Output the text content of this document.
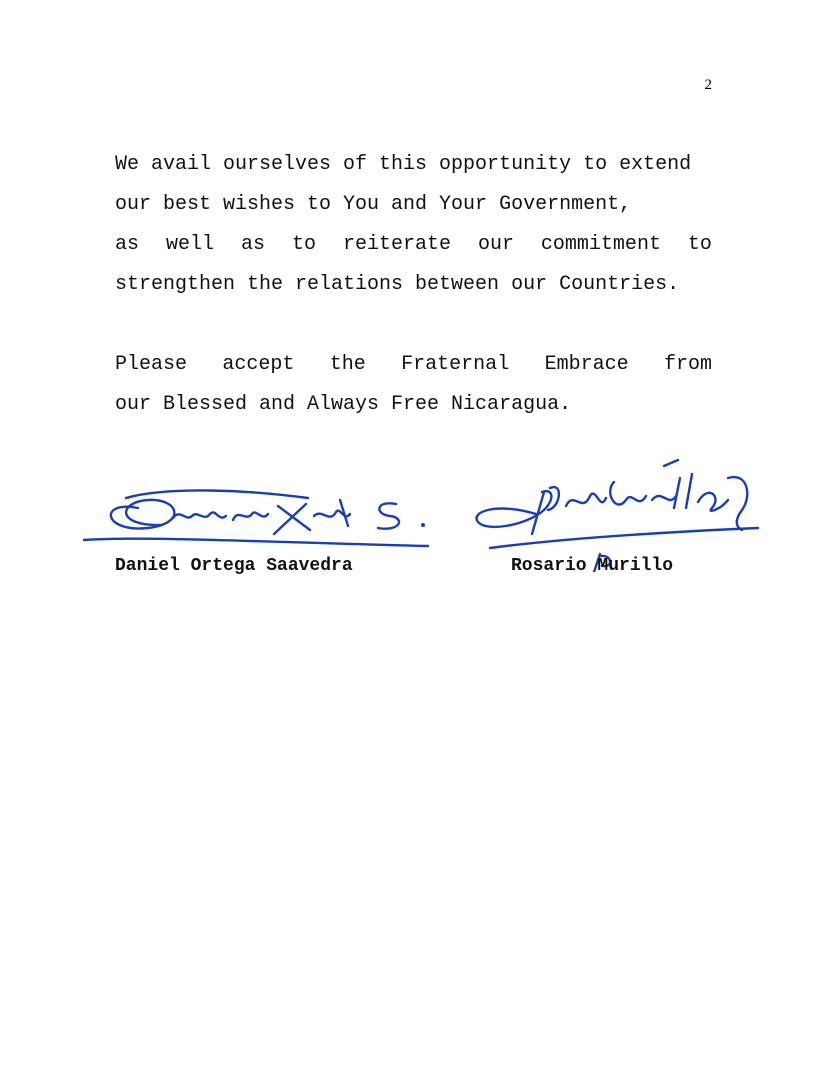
2
We avail ourselves of this opportunity to extend
our best wishes to You and Your Government,
as well as to reiterate our commitment to
strengthen the relations between our Countries.
Please accept the Fraternal Embrace from
our Blessed and Always Free Nicaragua.
Daniel Ortega Saavedra	Rosario Murillo
